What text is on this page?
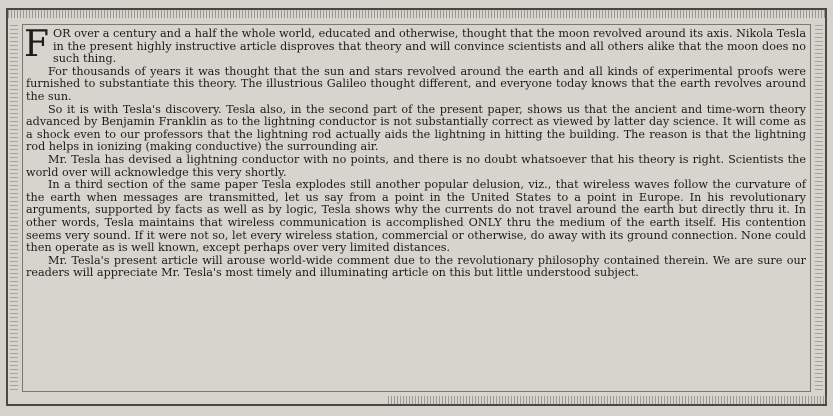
FOR over a century and a half the whole world, educated and otherwise, thought that the moon revolved around its axis. Nikola Tesla in the present highly instructive article disproves that theory and will convince scientists and all others alike that the moon does no such thing.

For thousands of years it was thought that the sun and stars revolved around the earth and all kinds of experimental proofs were furnished to substantiate this theory. The illustrious Galileo thought different, and everyone today knows that the earth revolves around the sun.

So it is with Tesla's discovery. Tesla also, in the second part of the present paper, shows us that the ancient and time-worn theory advanced by Benjamin Franklin as to the lightning conductor is not substantially correct as viewed by latter day science. It will come as a shock even to our professors that the lightning rod actually aids the lightning in hitting the building. The reason is that the lightning rod helps in ionizing (making conductive) the surrounding air.

Mr. Tesla has devised a lightning conductor with no points, and there is no doubt whatsoever that his theory is right. Scientists the world over will acknowledge this very shortly.

In a third section of the same paper Tesla explodes still another popular delusion, viz., that wireless waves follow the curvature of the earth when messages are transmitted, let us say from a point in the United States to a point in Europe. In his revolutionary arguments, supported by facts as well as by logic, Tesla shows why the currents do not travel around the earth but directly thru it. In other words, Tesla maintains that wireless communication is accomplished ONLY thru the medium of the earth itself. His contention seems very sound. If it were not so, let every wireless station, commercial or otherwise, do away with its ground connection. None could then operate as is well known, except perhaps over very limited distances.

Mr. Tesla's present article will arouse world-wide comment due to the revolutionary philosophy contained therein. We are sure our readers will appreciate Mr. Tesla's most timely and illuminating article on this but little understood subject.
